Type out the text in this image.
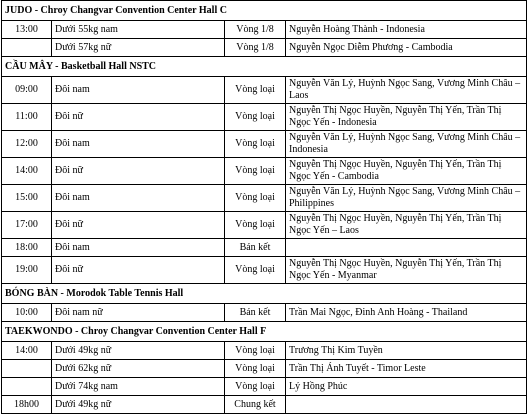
JUDO - Chroy Changvar Convention Center Hall C			
13:00	Dưới 55kg nam	Vòng 1/8	Nguyễn Hoàng Thành - Indonesia
	Dưới 57kg nữ	Vòng 1/8	Nguyễn Ngọc Diễm Phương - Cambodia
CẦU MÂY - Basketball Hall NSTC			
09:00	Đôi nam	Vòng loại	Nguyễn Văn Lý, Huỳnh Ngọc Sang, Vương Minh Châu – Laos
11:00	Đôi nữ	Vòng loại	Nguyễn Thị Ngọc Huyền, Nguyễn Thị Yến, Trần Thị Ngọc Yến - Indonesia
12:00	Đôi nam	Vòng loại	Nguyễn Văn Lý, Huỳnh Ngọc Sang, Vương Minh Châu – Indonesia
14:00	Đôi nữ	Vòng loại	Nguyễn Thị Ngọc Huyền, Nguyễn Thị Yến, Trần Thị Ngọc Yến - Cambodia
15:00	Đôi nam	Vòng loại	Nguyễn Văn Lý, Huỳnh Ngọc Sang, Vương Minh Châu – Philippines
17:00	Đôi nữ	Vòng loại	Nguyễn Thị Ngọc Huyền, Nguyễn Thị Yến, Trần Thị Ngọc Yến – Laos
18:00	Đôi nam	Bán kết	
19:00	Đôi nữ	Vòng loại	Nguyễn Thị Ngọc Huyền, Nguyễn Thị Yến, Trần Thị Ngọc Yến - Myanmar
BÓNG BÀN - Morodok Table Tennis Hall			
10:00	Đôi nam nữ	Bán kết	Trần Mai Ngọc, Đinh Anh Hoàng - Thailand
TAEKWONDO - Chroy Changvar Convention Center Hall F			
14:00	Dưới 49kg nữ	Vòng loại	Trương Thị Kim Tuyền
	Dưới 62kg nữ	Vòng loại	Trần Thị Ánh Tuyết - Timor Leste
	Dưới 74kg nam	Vòng loại	Lý Hồng Phúc
18h00	Dưới 49kg nữ	Chung kết	
